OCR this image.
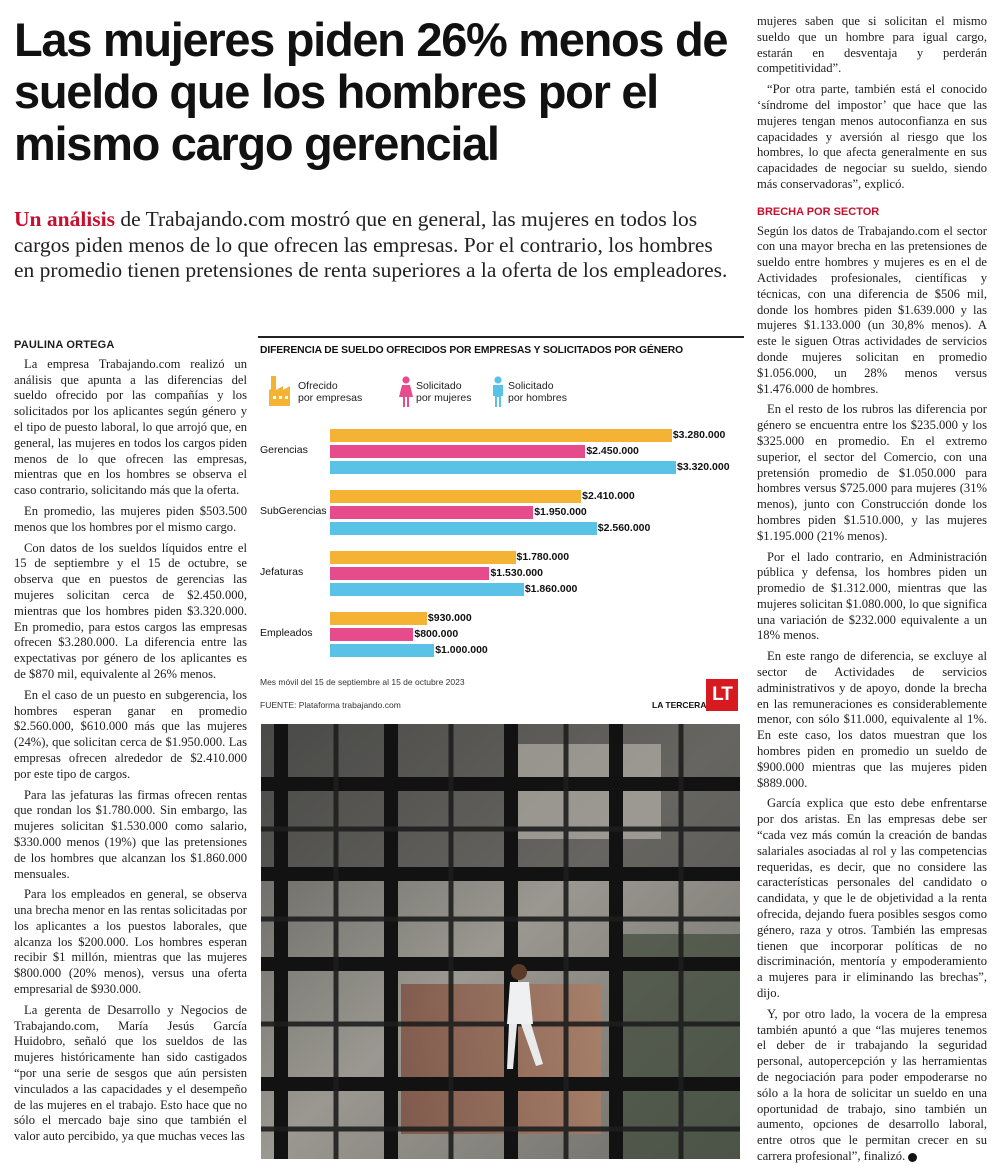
Las mujeres piden 26% menos de sueldo que los hombres por el mismo cargo gerencial

Un análisis de Trabajando.com mostró que en general, las mujeres en todos los cargos piden menos de lo que ofrecen las empresas. Por el contrario, los hombres en promedio tienen pretensiones de renta superiores a la oferta de los empleadores.

PAULINA ORTEGA

La empresa Trabajando.com realizó un análisis que apunta a las diferencias del sueldo ofrecido por las compañías y los solicitados por los aplicantes según género y el tipo de puesto laboral, lo que arrojó que, en general, las mujeres en todos los cargos piden menos de lo que ofrecen las empresas, mientras que en los hombres se observa el caso contrario, solicitando más que la oferta.

En promedio, las mujeres piden $503.500 menos que los hombres por el mismo cargo.

Con datos de los sueldos líquidos entre el 15 de septiembre y el 15 de octubre, se observa que en puestos de gerencias las mujeres solicitan cerca de $2.450.000, mientras que los hombres piden $3.320.000. En promedio, para estos cargos las empresas ofrecen $3.280.000. La diferencia entre las expectativas por género de los aplicantes es de $870 mil, equivalente al 26% menos.

En el caso de un puesto en subgerencia, los hombres esperan ganar en promedio $2.560.000, $610.000 más que las mujeres (24%), que solicitan cerca de $1.950.000. Las empresas ofrecen alrededor de $2.410.000 por este tipo de cargos.

Para las jefaturas las firmas ofrecen rentas que rondan los $1.780.000. Sin embargo, las mujeres solicitan $1.530.000 como salario, $330.000 menos (19%) que las pretensiones de los hombres que alcanzan los $1.860.000 mensuales.

Para los empleados en general, se observa una brecha menor en las rentas solicitadas por los aplicantes a los puestos laborales, que alcanza los $200.000. Los hombres esperan recibir $1 millón, mientras que las mujeres $800.000 (20% menos), versus una oferta empresarial de $930.000.

La gerenta de Desarrollo y Negocios de Trabajando.com, María Jesús García Huidobro, señaló que los sueldos de las mujeres históricamente han sido castigados “por una serie de sesgos que aún persisten vinculados a las capacidades y el desempeño de las mujeres en el trabajo. Esto hace que no sólo el mercado baje sino que también el valor auto percibido, ya que muchas veces las

DIFERENCIA DE SUELDO OFRECIDOS POR EMPRESAS Y SOLICITADOS POR GÉNERO
Ofrecido
por empresas
Solicitado
por mujeres
Solicitado
por hombres
Gerencias
$3.280.000
$2.450.000
$3.320.000
SubGerencias
$2.410.000
$1.950.000
$2.560.000
Jefaturas
$1.780.000
$1.530.000
$1.860.000
Empleados
$930.000
$800.000
$1.000.000
Mes móvil del 15 de septiembre al 15 de octubre 2023
FUENTE: Plataforma trabajando.com	LA TERCERA LT

mujeres saben que si solicitan el mismo sueldo que un hombre para igual cargo, estarán en desventaja y perderán competitividad”.

“Por otra parte, también está el conocido ‘síndrome del impostor’ que hace que las mujeres tengan menos autoconfianza en sus capacidades y aversión al riesgo que los hombres, lo que afecta generalmente en sus capacidades de negociar su sueldo, siendo más conservadoras”, explicó.

BRECHA POR SECTOR

Según los datos de Trabajando.com el sector con una mayor brecha en las pretensiones de sueldo entre hombres y mujeres es en el de Actividades profesionales, científicas y técnicas, con una diferencia de $506 mil, donde los hombres piden $1.639.000 y las mujeres $1.133.000 (un 30,8% menos). A este le siguen Otras actividades de servicios donde mujeres solicitan en promedio $1.056.000, un 28% menos versus $1.476.000 de hombres.

En el resto de los rubros las diferencia por género se encuentra entre los $235.000 y los $325.000 en promedio. En el extremo superior, el sector del Comercio, con una pretensión promedio de $1.050.000 para hombres versus $725.000 para mujeres (31% menos), junto con Construcción donde los hombres piden $1.510.000, y las mujeres $1.195.000 (21% menos).

Por el lado contrario, en Administración pública y defensa, los hombres piden un promedio de $1.312.000, mientras que las mujeres solicitan $1.080.000, lo que significa una variación de $232.000 equivalente a un 18% menos.

En este rango de diferencia, se excluye al sector de Actividades de servicios administrativos y de apoyo, donde la brecha en las remuneraciones es considerablemente menor, con sólo $11.000, equivalente al 1%. En este caso, los datos muestran que los hombres piden en promedio un sueldo de $900.000 mientras que las mujeres piden $889.000.

García explica que esto debe enfrentarse por dos aristas. En las empresas debe ser “cada vez más común la creación de bandas salariales asociadas al rol y las competencias requeridas, es decir, que no considere las características personales del candidato o candidata, y que le de objetividad a la renta ofrecida, dejando fuera posibles sesgos como género, raza y otros. También las empresas tienen que incorporar políticas de no discriminación, mentoría y empoderamiento a mujeres para ir eliminando las brechas”, dijo.

Y, por otro lado, la vocera de la empresa también apuntó a que “las mujeres tenemos el deber de ir trabajando la seguridad personal, autopercepción y las herramientas de negociación para poder empoderarse no sólo a la hora de solicitar un sueldo en una oportunidad de trabajo, sino también un aumento, opciones de desarrollo laboral, entre otros que le permitan crecer en su carrera profesional”, finalizó. P
